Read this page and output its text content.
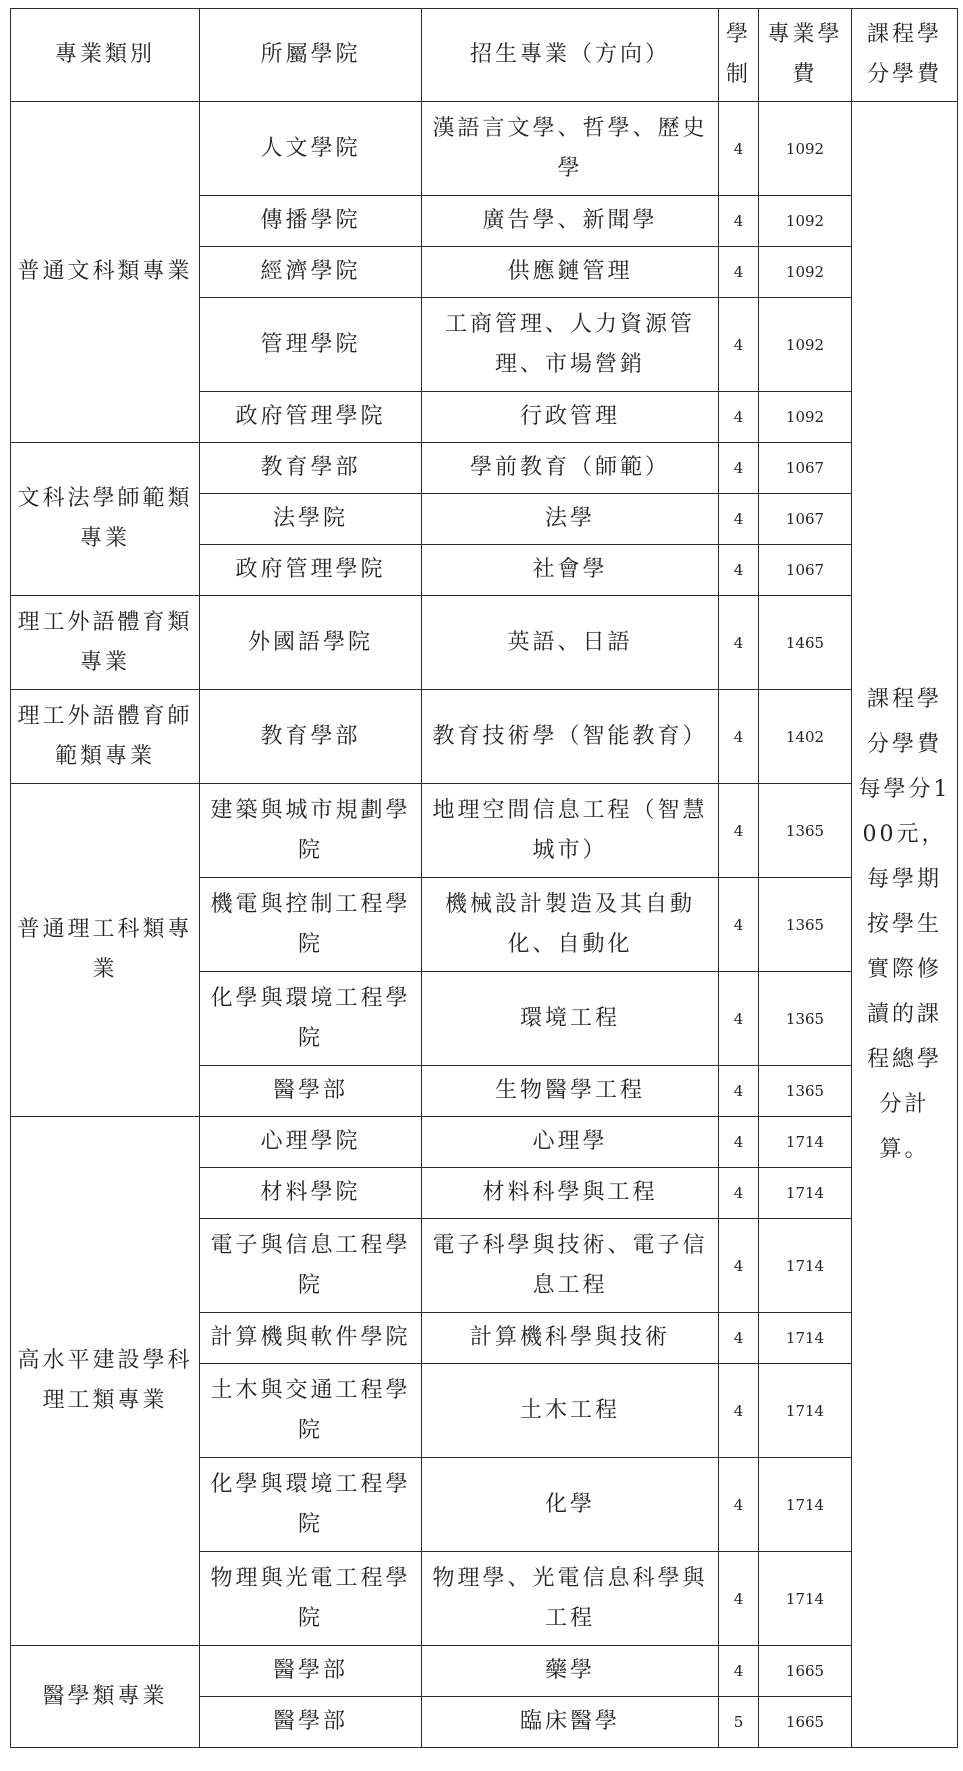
專業類別	所屬學院	招生專業（方向）	學制	專業學費	課程學分學費
普通文科類專業	人文學院	漢語言文學、哲學、歷史學	4	1092	課程學分學費每學分100元，每學期按學生實際修讀的課程總學分計算。
	傳播學院	廣告學、新聞學	4	1092	
	經濟學院	供應鏈管理	4	1092	
	管理學院	工商管理、人力資源管理、市場營銷	4	1092	
	政府管理學院	行政管理	4	1092	
文科法學師範類專業	教育學部	學前教育（師範）	4	1067	
	法學院	法學	4	1067	
	政府管理學院	社會學	4	1067	
理工外語體育類專業	外國語學院	英語、日語	4	1465	
理工外語體育師範類專業	教育學部	教育技術學（智能教育）	4	1402	
普通理工科類專業	建築與城市規劃學院	地理空間信息工程（智慧城市）	4	1365	
	機電與控制工程學院	機械設計製造及其自動化、自動化	4	1365	
	化學與環境工程學院	環境工程	4	1365	
	醫學部	生物醫學工程	4	1365	
高水平建設學科理工類專業	心理學院	心理學	4	1714	
	材料學院	材料科學與工程	4	1714	
	電子與信息工程學院	電子科學與技術、電子信息工程	4	1714	
	計算機與軟件學院	計算機科學與技術	4	1714	
	土木與交通工程學院	土木工程	4	1714	
	化學與環境工程學院	化學	4	1714	
	物理與光電工程學院	物理學、光電信息科學與工程	4	1714	
醫學類專業	醫學部	藥學	4	1665	
	醫學部	臨床醫學	5	1665	
